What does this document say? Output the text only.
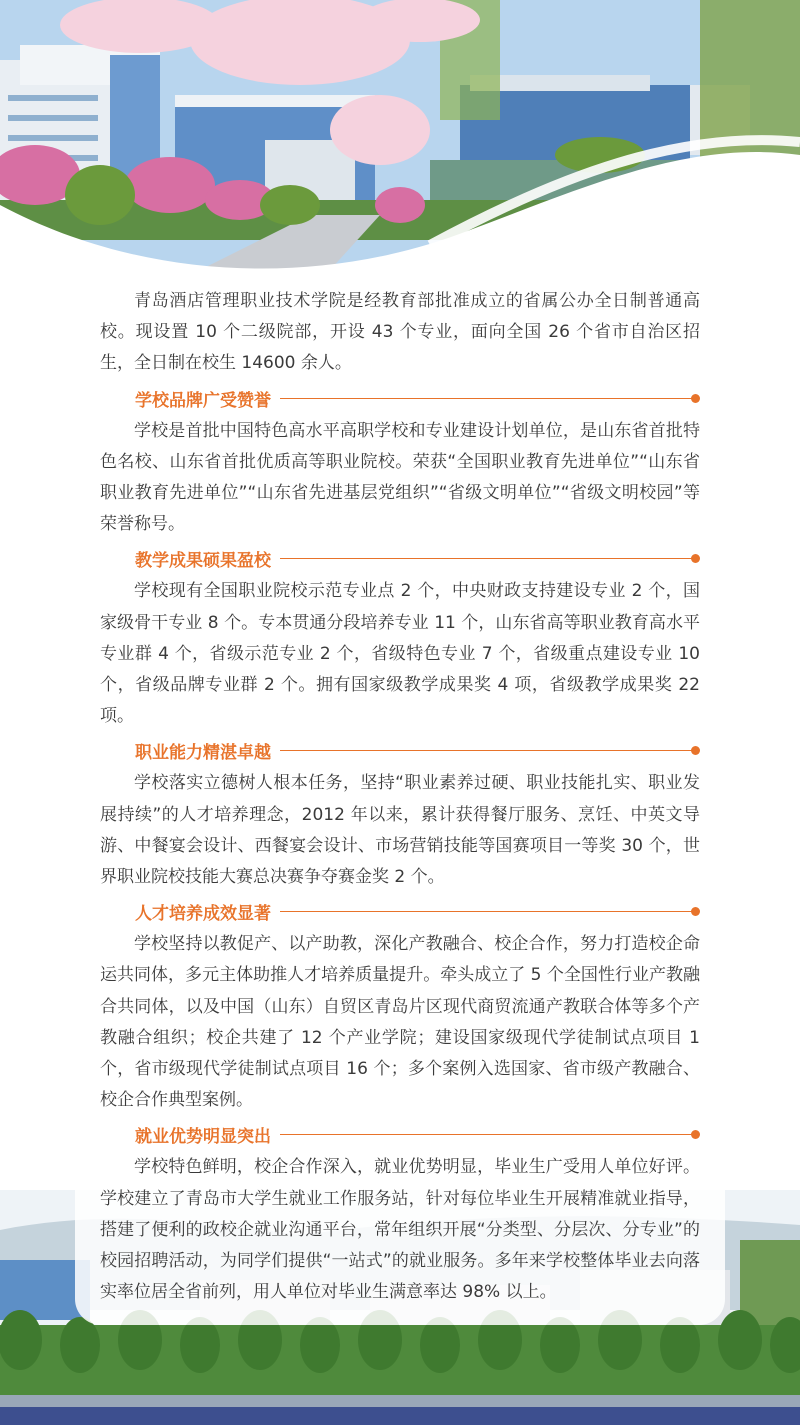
青岛酒店管理职业技术学院是经教育部批准成立的省属公办全日制普通高校。现设置 10 个二级院部，开设 43 个专业，面向全国 26 个省市自治区招生，全日制在校生 14600 余人。

学校品牌广受赞誉

学校是首批中国特色高水平高职学校和专业建设计划单位，是山东省首批特色名校、山东省首批优质高等职业院校。荣获“全国职业教育先进单位”“山东省职业教育先进单位”“山东省先进基层党组织”“省级文明单位”“省级文明校园”等荣誉称号。

教学成果硕果盈校

学校现有全国职业院校示范专业点 2 个，中央财政支持建设专业 2 个，国家级骨干专业 8 个。专本贯通分段培养专业 11 个，山东省高等职业教育高水平专业群 4 个，省级示范专业 2 个，省级特色专业 7 个，省级重点建设专业 10 个，省级品牌专业群 2 个。拥有国家级教学成果奖 4 项，省级教学成果奖 22 项。

职业能力精湛卓越

学校落实立德树人根本任务，坚持“职业素养过硬、职业技能扎实、职业发展持续”的人才培养理念，2012 年以来，累计获得餐厅服务、烹饪、中英文导游、中餐宴会设计、西餐宴会设计、市场营销技能等国赛项目一等奖 30 个，世界职业院校技能大赛总决赛争夺赛金奖 2 个。

人才培养成效显著

学校坚持以教促产、以产助教，深化产教融合、校企合作，努力打造校企命运共同体，多元主体助推人才培养质量提升。牵头成立了 5 个全国性行业产教融合共同体，以及中国（山东）自贸区青岛片区现代商贸流通产教联合体等多个产教融合组织；校企共建了 12 个产业学院；建设国家级现代学徒制试点项目 1 个，省市级现代学徒制试点项目 16 个；多个案例入选国家、省市级产教融合、校企合作典型案例。

就业优势明显突出

学校特色鲜明，校企合作深入，就业优势明显，毕业生广受用人单位好评。学校建立了青岛市大学生就业工作服务站，针对每位毕业生开展精准就业指导，搭建了便利的政校企就业沟通平台，常年组织开展“分类型、分层次、分专业”的校园招聘活动，为同学们提供“一站式”的就业服务。多年来学校整体毕业去向落实率位居全省前列，用人单位对毕业生满意率达 98% 以上。
